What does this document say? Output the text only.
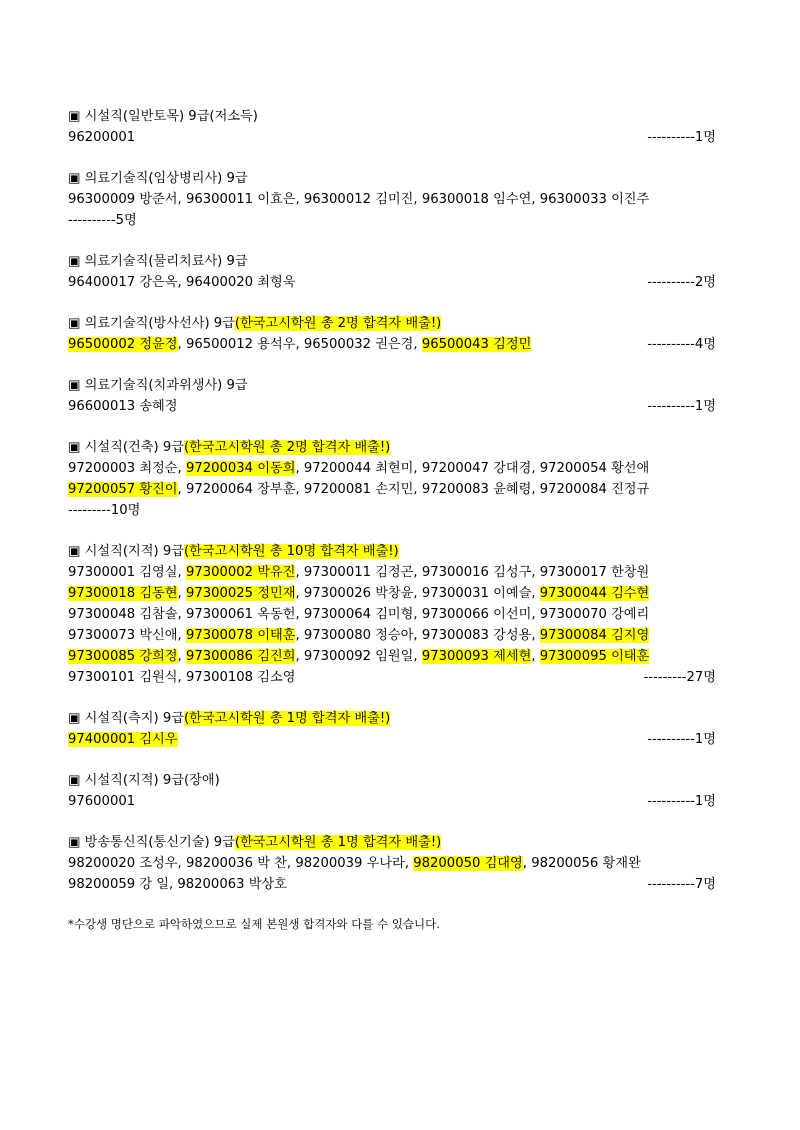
▣ 시설직(일반토목) 9급(저소득)
96200001	----------1명
▣ 의료기술직(임상병리사) 9급
96300009 방준서, 96300011 이효은, 96300012 김미진, 96300018 임수연, 96300033 이진주
----------5명
▣ 의료기술직(물리치료사) 9급
96400017 강은옥, 96400020 최형욱	----------2명
▣ 의료기술직(방사선사) 9급(한국고시학원 총 2명 합격자 배출!)
96500002 정윤정, 96500012 용석우, 96500032 권은경, 96500043 김정민	----------4명
▣ 의료기술직(치과위생사) 9급
96600013 송혜정	----------1명
▣ 시설직(건축) 9급(한국고시학원 총 2명 합격자 배출!)
97200003 최정순, 97200034 이동희, 97200044 최현미, 97200047 강대경, 97200054 황선애
97200057 황진이, 97200064 장부훈, 97200081 손지민, 97200083 윤혜령, 97200084 진정규
---------10명
▣ 시설직(지적) 9급(한국고시학원 총 10명 합격자 배출!)
97300001 김영실, 97300002 박유진, 97300011 김정곤, 97300016 김성구, 97300017 한창원
97300018 김동현, 97300025 정민재, 97300026 박창윤, 97300031 이예슬, 97300044 김수현
97300048 김참솔, 97300061 옥동헌, 97300064 김미형, 97300066 이선미, 97300070 강예리
97300073 박신애, 97300078 이태훈, 97300080 정승아, 97300083 강성용, 97300084 김지영
97300085 강희정, 97300086 김진희, 97300092 임원일, 97300093 제세현, 97300095 이태훈
97300101 김원식, 97300108 김소영	---------27명
▣ 시설직(측지) 9급(한국고시학원 총 1명 합격자 배출!)
97400001 김시우	----------1명
▣ 시설직(지적) 9급(장애)
97600001	----------1명
▣ 방송통신직(통신기술) 9급(한국고시학원 총 1명 합격자 배출!)
98200020 조성우, 98200036 박 찬, 98200039 우나라, 98200050 김대영, 98200056 황재완
98200059 강 일, 98200063 박상호	----------7명
*수강생 명단으로 파악하였으므로 실제 본원생 합격자와 다를 수 있습니다.
